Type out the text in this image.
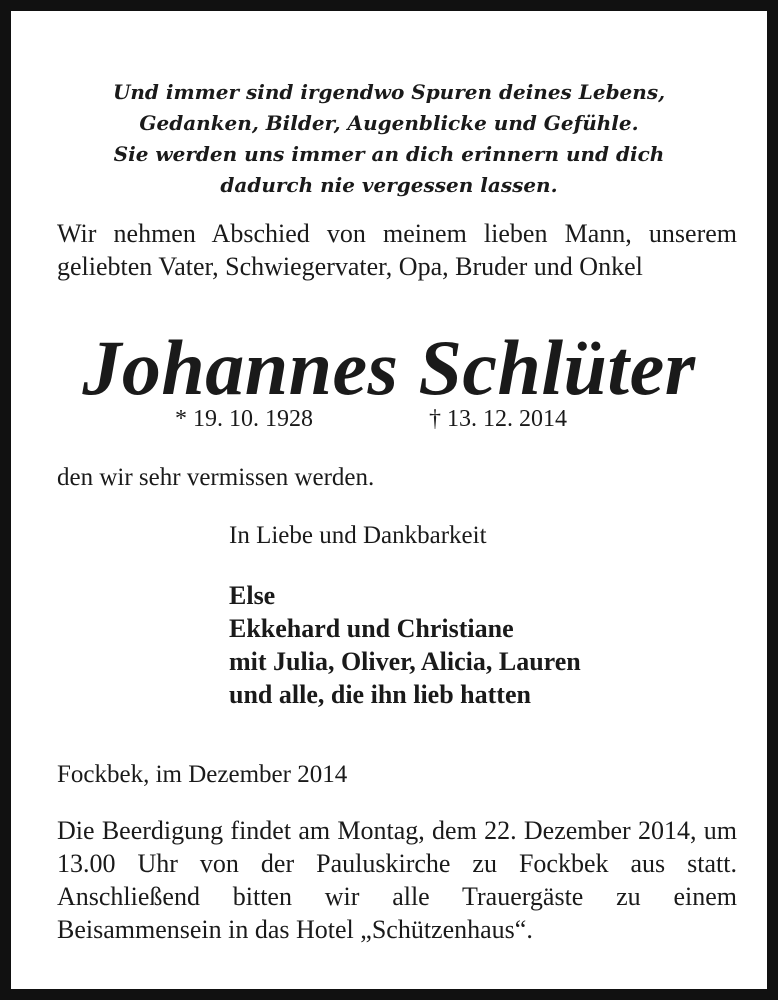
Und immer sind irgendwo Spuren deines Lebens,
Gedanken, Bilder, Augenblicke und Gefühle.
Sie werden uns immer an dich erinnern und dich
dadurch nie vergessen lassen.
Wir nehmen Abschied von meinem lieben Mann, unserem geliebten Vater, Schwiegervater, Opa, Bruder und Onkel
Johannes Schlüter
* 19. 10. 1928	† 13. 12. 2014
den wir sehr vermissen werden.
In Liebe und Dankbarkeit
Else
Ekkehard und Christiane
mit Julia, Oliver, Alicia, Lauren
und alle, die ihn lieb hatten
Fockbek, im Dezember 2014
Die Beerdigung findet am Montag, dem 22. Dezember 2014, um 13.00 Uhr von der Pauluskirche zu Fockbek aus statt. Anschließend bitten wir alle Trauergäste zu einem Beisammensein in das Hotel „Schützenhaus“.
